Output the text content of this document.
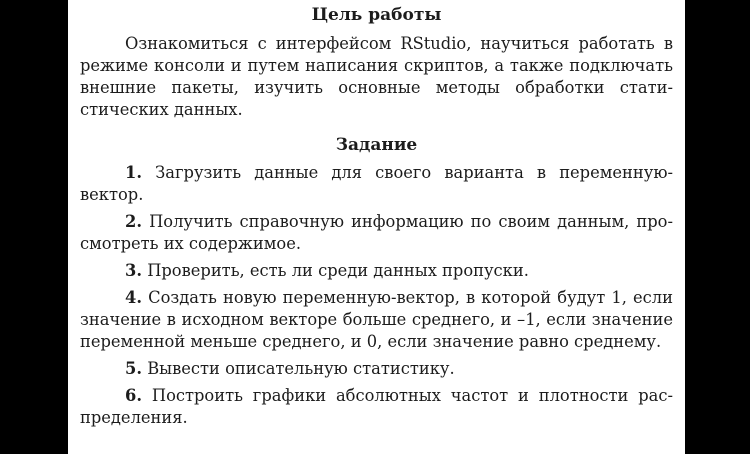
Цель работы

Ознакомиться с интерфейсом RStudio, научиться работать в режиме консоли и путем написания скриптов, а также подключать внешние пакеты, изучить основные методы обработки статистических данных.

Задание

1. Загрузить данные для своего варианта в переменную-вектор.

2. Получить справочную информацию по своим данным, просмотреть их содержимое.

3. Проверить, есть ли среди данных пропуски.

4. Создать новую переменную-вектор, в которой будут 1, если значение в исходном векторе больше среднего, и –1, если значение переменной меньше среднего, и 0, если значение равно среднему.

5. Вывести описательную статистику.

6. Построить графики абсолютных частот и плотности распределения.
